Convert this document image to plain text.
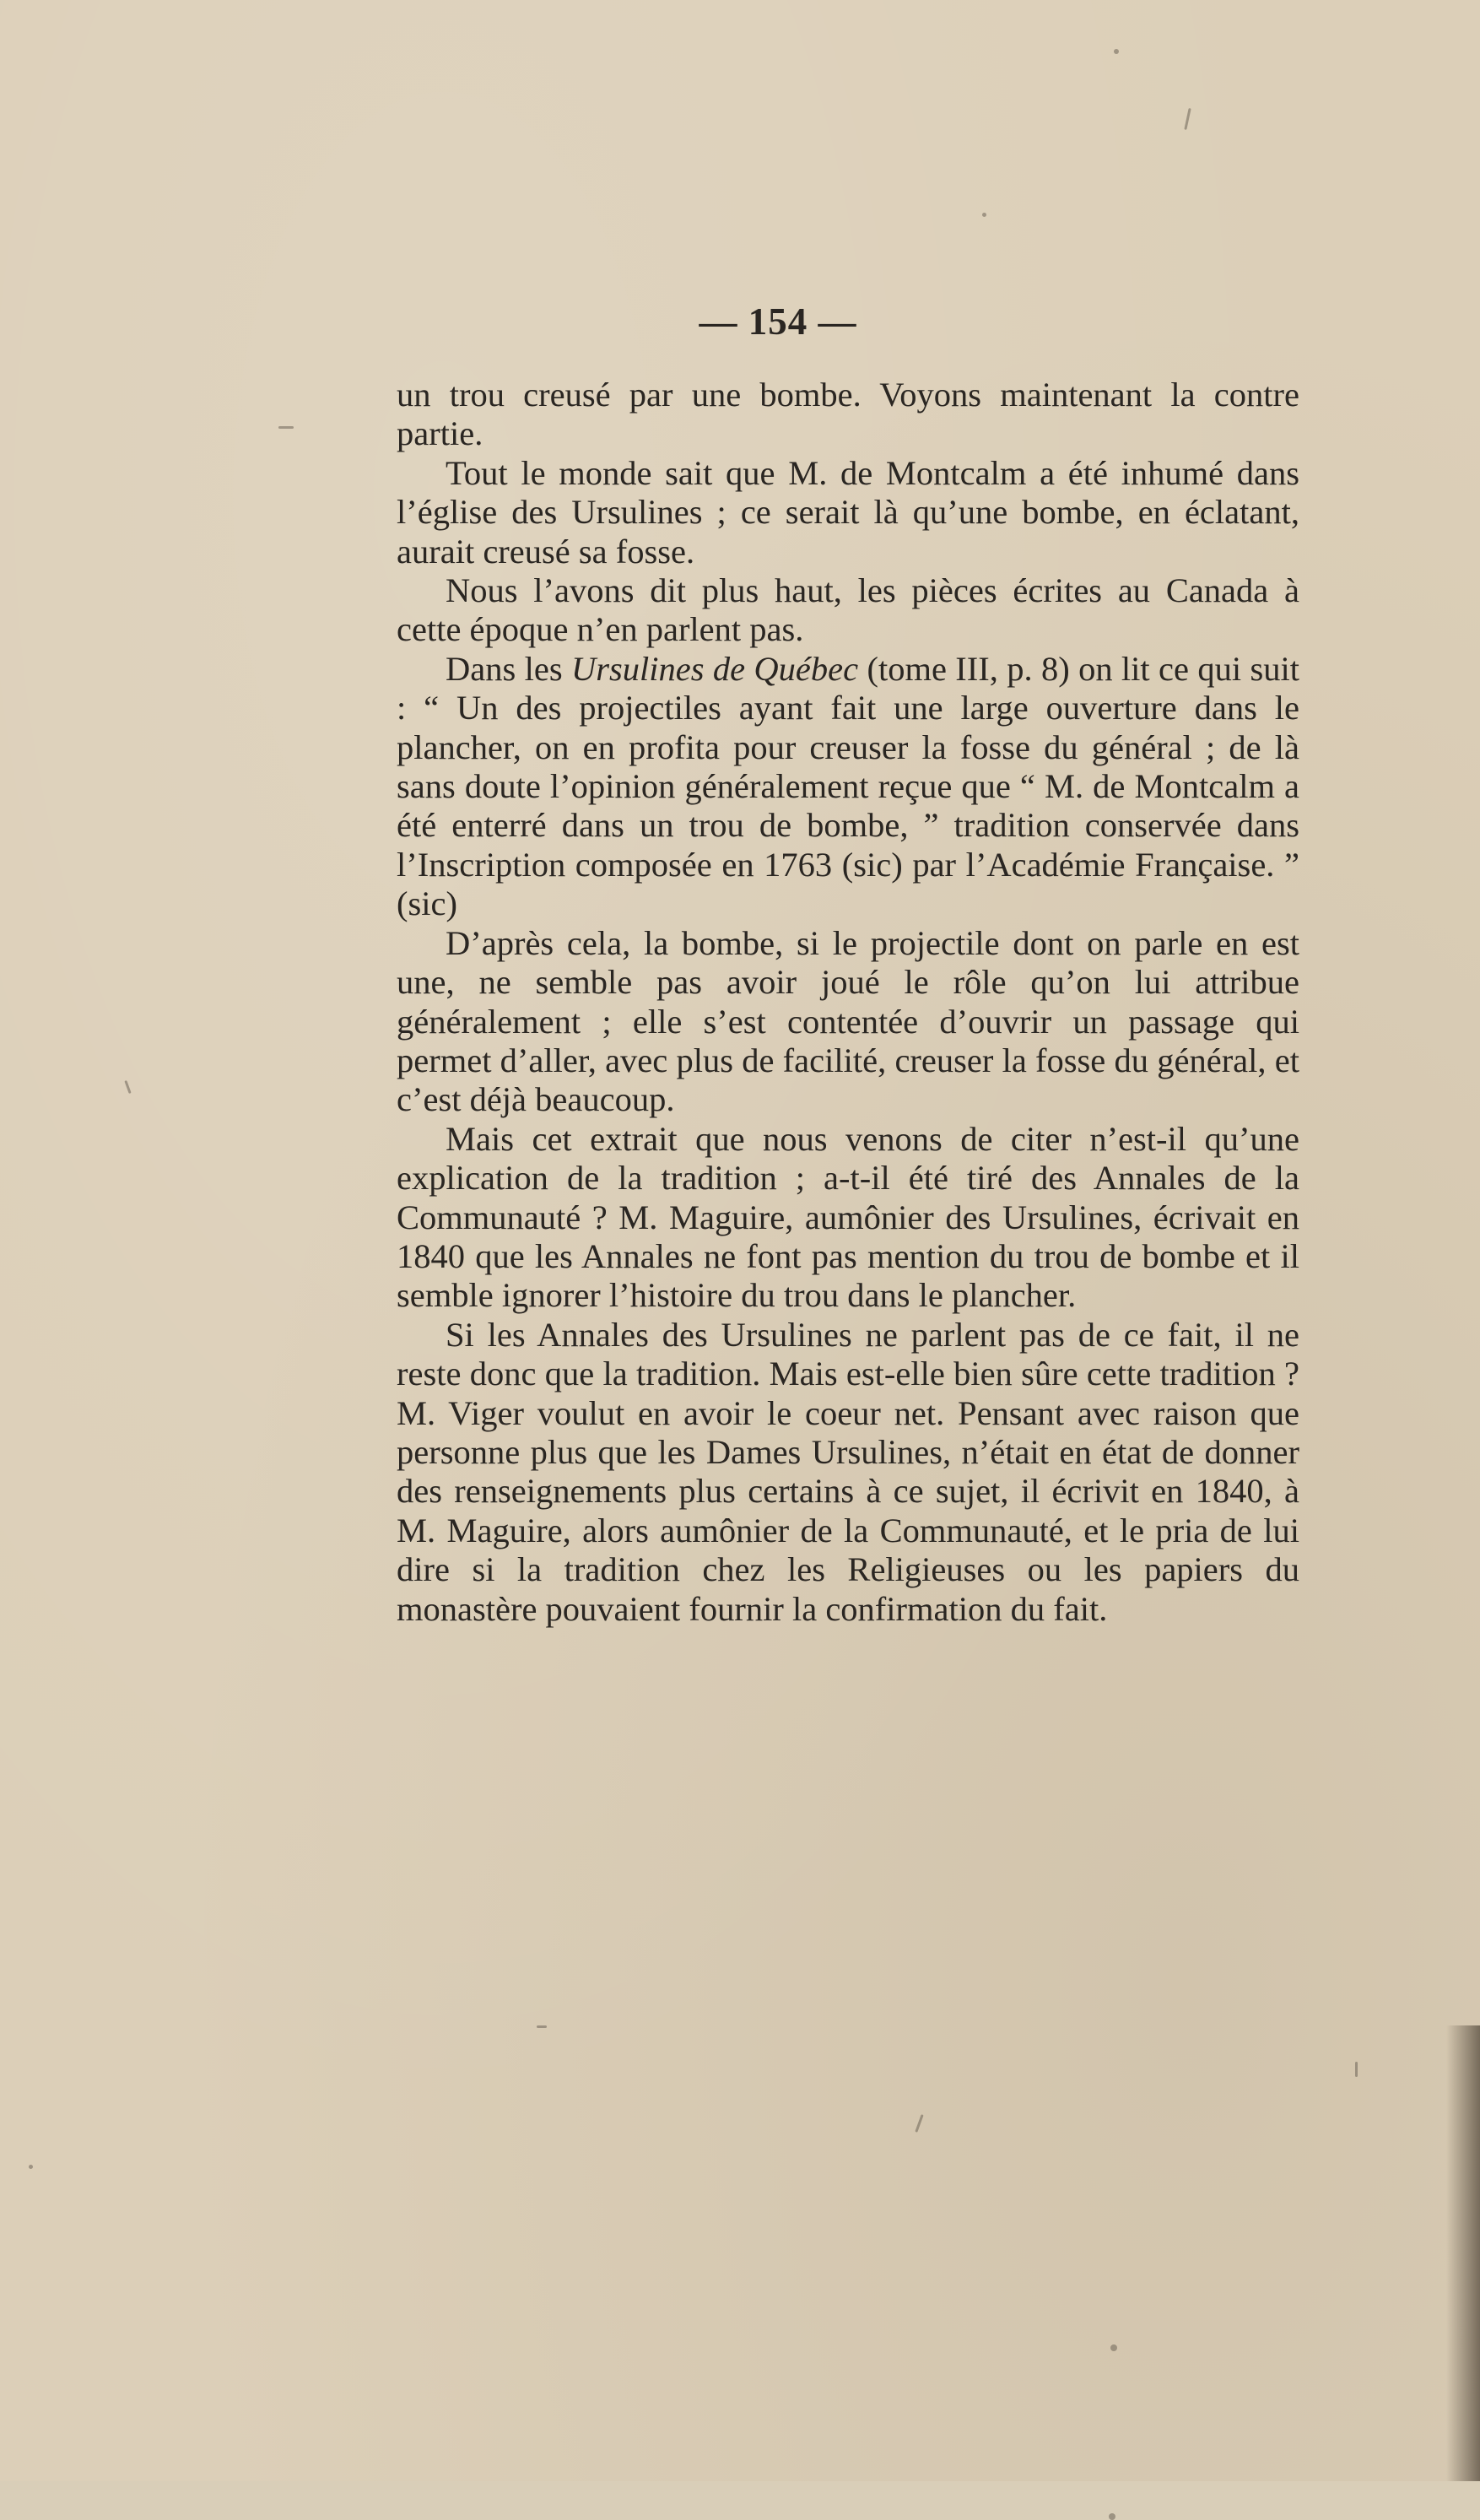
— 154 —

un trou creusé par une bombe. Voyons maintenant la contre partie.

Tout le monde sait que M. de Montcalm a été inhumé dans l’église des Ursulines ; ce serait là qu’une bombe, en éclatant, aurait creusé sa fosse.

Nous l’avons dit plus haut, les pièces écrites au Canada à cette époque n’en parlent pas.

Dans les Ursulines de Québec (tome III, p. 8) on lit ce qui suit : “ Un des projectiles ayant fait une large ouverture dans le plancher, on en profita pour creuser la fosse du général ; de là sans doute l’opinion généralement reçue que “ M. de Montcalm a été enterré dans un trou de bombe, ” tradition conservée dans l’Inscription composée en 1763 (sic) par l’Académie Française. ” (sic)

D’après cela, la bombe, si le projectile dont on parle en est une, ne semble pas avoir joué le rôle qu’on lui attribue généralement ; elle s’est contentée d’ouvrir un passage qui permet d’aller, avec plus de facilité, creuser la fosse du général, et c’est déjà beaucoup.

Mais cet extrait que nous venons de citer n’est-il qu’une explication de la tradition ; a-t-il été tiré des Annales de la Communauté ? M. Maguire, aumônier des Ursulines, écrivait en 1840 que les Annales ne font pas mention du trou de bombe et il semble ignorer l’histoire du trou dans le plancher.

Si les Annales des Ursulines ne parlent pas de ce fait, il ne reste donc que la tradition. Mais est-elle bien sûre cette tradition ? M. Viger voulut en avoir le coeur net. Pensant avec raison que personne plus que les Dames Ursulines, n’était en état de donner des renseignements plus certains à ce sujet, il écrivit en 1840, à M. Maguire, alors aumônier de la Communauté, et le pria de lui dire si la tradition chez les Religieuses ou les papiers du monastère pouvaient fournir la confirmation du fait.
